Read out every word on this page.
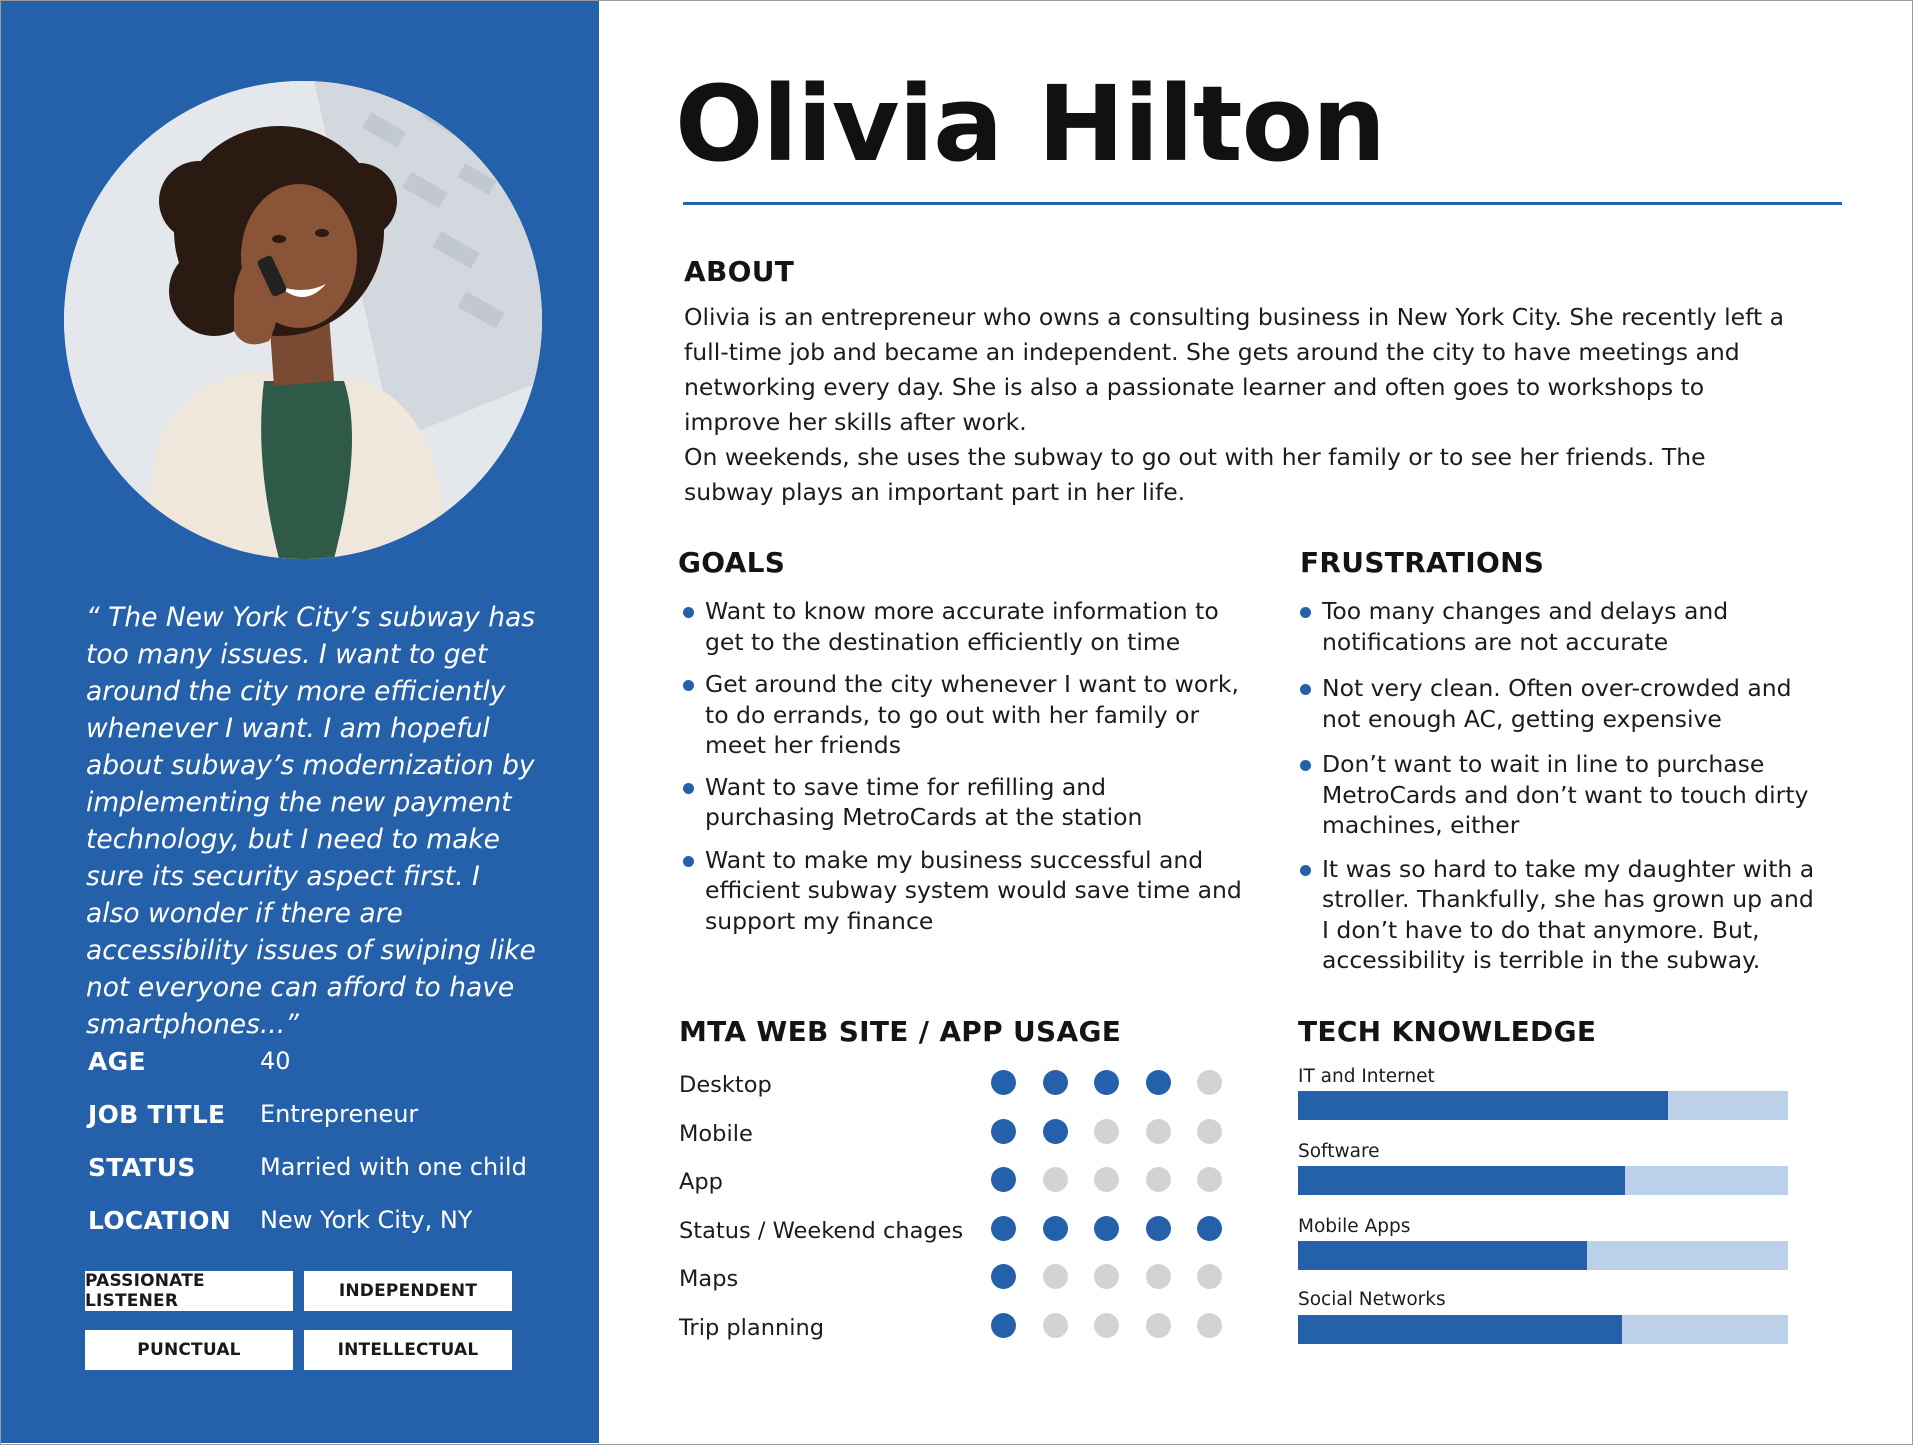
“ The New York City’s subway has too many issues. I want to get around the city more efficiently whenever I want. I am hopeful about subway’s modernization by implementing the new payment technology, but I need to make sure its security aspect first. I also wonder if there are accessibility issues of swiping like not everyone can afford to have smartphones...”
AGE	40
JOB TITLE Entrepreneur
STATUS	Married with one child
LOCATION New York City, NY
PASSIONATE LISTENER	INDEPENDENT
PUNCTUAL	INTELLECTUAL
Olivia Hilton
ABOUT

Olivia is an entrepreneur who owns a consulting business in New York City. She recently left a full-time job and became an independent. She gets around the city to have meetings and networking every day. She is also a passionate learner and often goes to workshops to improve her skills after work.

On weekends, she uses the subway to go out with her family or to see her friends. The subway plays an important part in her life.

GOALS
Want to know more accurate information to get to the destination efficiently on time
Get around the city whenever I want to work, to do errands, to go out with her family or meet her friends
Want to save time for refilling and purchasing MetroCards at the station
Want to make my business successful and efficient subway system would save time and support my finance
FRUSTRATIONS
Too many changes and delays and notifications are not accurate
Not very clean. Often over-crowded and not enough AC, getting expensive
Don’t want to wait in line to purchase MetroCards and don’t want to touch dirty machines, either
It was so hard to take my daughter with a stroller. Thankfully, she has grown up and I don’t have to do that anymore. But, accessibility is terrible in the subway.
MTA WEB SITE / APP USAGE
Desktop
Mobile
App
Status / Weekend chages
Maps
Trip planning
TECH KNOWLEDGE
IT and Internet
Software
Mobile Apps
Social Networks
